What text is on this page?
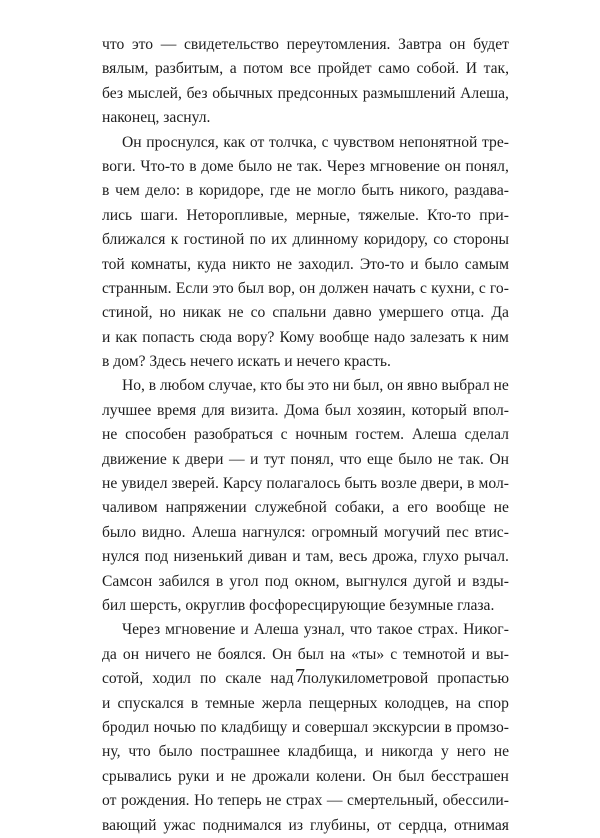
что это — свидетельство переутомления. Завтра он будет
вялым, разбитым, а потом все пройдет само собой. И так,
без мыслей, без обычных предсонных размышлений Алеша,
наконец, заснул.
Он проснулся, как от толчка, с чувством непонятной тре-
воги. Что-то в доме было не так. Через мгновение он понял,
в чем дело: в коридоре, где не могло быть никого, раздава-
лись шаги. Неторопливые, мерные, тяжелые. Кто-то при-
ближался к гостиной по их длинному коридору, со стороны
той комнаты, куда никто не заходил. Это-то и было самым
странным. Если это был вор, он должен начать с кухни, с го-
стиной, но никак не со спальни давно умершего отца. Да
и как попасть сюда вору? Кому вообще надо залезать к ним
в дом? Здесь нечего искать и нечего красть.
Но, в любом случае, кто бы это ни был, он явно выбрал не
лучшее время для визита. Дома был хозяин, который впол-
не способен разобраться с ночным гостем. Алеша сделал
движение к двери — и тут понял, что еще было не так. Он
не увидел зверей. Карсу полагалось быть возле двери, в мол-
чаливом напряжении служебной собаки, а его вообще не
было видно. Алеша нагнулся: огромный могучий пес втис-
нулся под низенький диван и там, весь дрожа, глухо рычал.
Самсон забился в угол под окном, выгнулся дугой и взды-
бил шерсть, округлив фосфоресцирующие безумные глаза.
Через мгновение и Алеша узнал, что такое страх. Никог-
да он ничего не боялся. Он был на «ты» с темнотой и вы-
сотой, ходил по скале над полукилометровой пропастью
и спускался в темные жерла пещерных колодцев, на спор
бродил ночью по кладбищу и совершал экскурсии в промзо-
ну, что было пострашнее кладбища, и никогда у него не
срывались руки и не дрожали колени. Он был бесстрашен
от рождения. Но теперь не страх — смертельный, обессили-
вающий ужас поднимался из глубины, от сердца, отнимая
7
